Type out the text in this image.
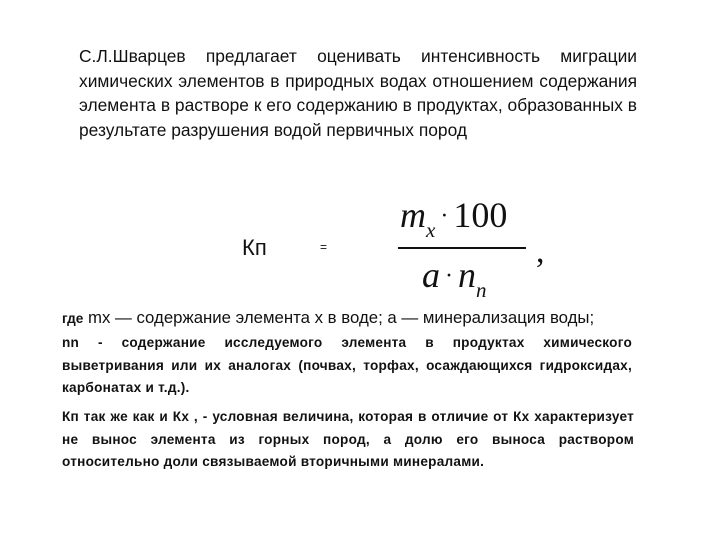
С.Л.Шварцев предлагает оценивать интенсивность миграции химических элементов в природных водах отношением содержания элемента в растворе к его содержанию в продуктах, образованных в результате разрушения водой первичных пород
Кп	=
$m_x\cdot 100$
,
$a \cdot n_n$
где mx — содержание элемента x в воде; a — минерализация воды;
nn - содержание исследуемого элемента в продуктах химического выветривания или их аналогах (почвах, торфах, осаждающихся гидроксидах, карбонатах и т.д.).
Кп так же как и Кх , - условная величина, которая в отличие от Кх характеризует не вынос элемента из горных пород, а долю его выноса раствором относительно доли связываемой вторичными минералами.
